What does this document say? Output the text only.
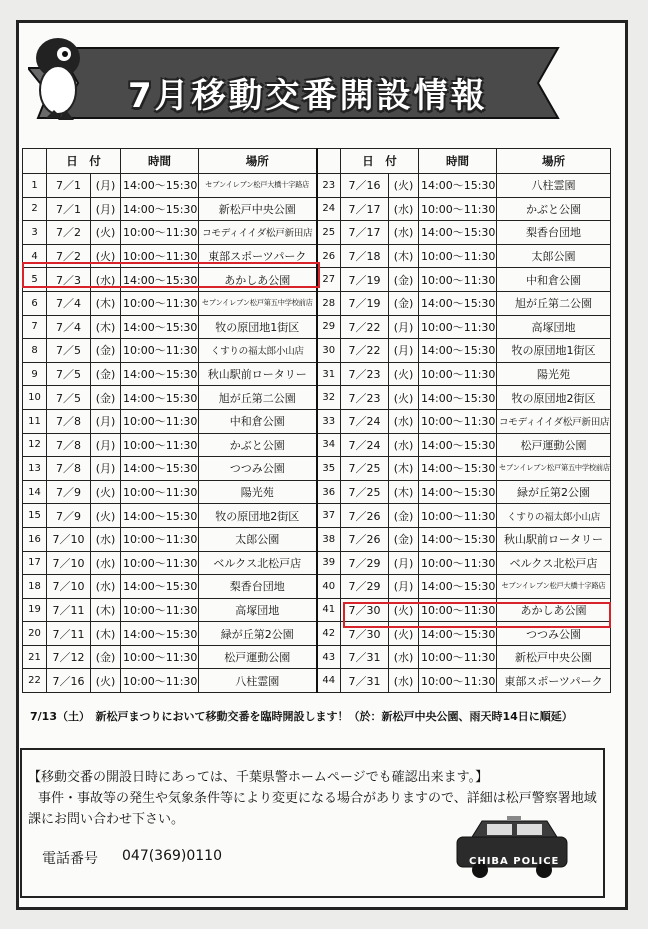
7月移動交番開設情報
	日　付		時間	場所		日　付		時間	場所
1	7／1	(月)	14:00〜15:30	セブンイレブン松戸大橋十字路店	23	7／16	(火)	14:00〜15:30	八柱霊園
2	7／1	(月)	14:00〜15:30	新松戸中央公園	24	7／17	(水)	10:00〜11:30	かぶと公園
3	7／2	(火)	10:00〜11:30	コモディイイダ松戸新田店	25	7／17	(水)	14:00〜15:30	梨香台団地
4	7／2	(火)	10:00〜11:30	東部スポーツパーク	26	7／18	(木)	10:00〜11:30	太郎公園
5	7／3	(水)	14:00〜15:30	あかしあ公園	27	7／19	(金)	10:00〜11:30	中和倉公園
6	7／4	(木)	10:00〜11:30	セブンイレブン松戸第五中学校前店	28	7／19	(金)	14:00〜15:30	旭が丘第二公園
7	7／4	(木)	14:00〜15:30	牧の原団地1街区	29	7／22	(月)	10:00〜11:30	高塚団地
8	7／5	(金)	10:00〜11:30	くすりの福太郎小山店	30	7／22	(月)	14:00〜15:30	牧の原団地1街区
9	7／5	(金)	14:00〜15:30	秋山駅前ロータリー	31	7／23	(火)	10:00〜11:30	陽光苑
10	7／5	(金)	14:00〜15:30	旭が丘第二公園	32	7／23	(火)	14:00〜15:30	牧の原団地2街区
11	7／8	(月)	10:00〜11:30	中和倉公園	33	7／24	(水)	10:00〜11:30	コモディイイダ松戸新田店
12	7／8	(月)	10:00〜11:30	かぶと公園	34	7／24	(水)	14:00〜15:30	松戸運動公園
13	7／8	(月)	14:00〜15:30	つつみ公園	35	7／25	(木)	14:00〜15:30	セブンイレブン松戸第五中学校前店
14	7／9	(火)	10:00〜11:30	陽光苑	36	7／25	(木)	14:00〜15:30	緑が丘第2公園
15	7／9	(火)	14:00〜15:30	牧の原団地2街区	37	7／26	(金)	10:00〜11:30	くすりの福太郎小山店
16	7／10	(水)	10:00〜11:30	太郎公園	38	7／26	(金)	14:00〜15:30	秋山駅前ロータリー
17	7／10	(水)	10:00〜11:30	ベルクス北松戸店	39	7／29	(月)	10:00〜11:30	ベルクス北松戸店
18	7／10	(水)	14:00〜15:30	梨香台団地	40	7／29	(月)	14:00〜15:30	セブンイレブン松戸大橋十字路店
19	7／11	(木)	10:00〜11:30	高塚団地	41	7／30	(火)	10:00〜11:30	あかしあ公園
20	7／11	(木)	14:00〜15:30	緑が丘第2公園	42	7／30	(火)	14:00〜15:30	つつみ公園
21	7／12	(金)	10:00〜11:30	松戸運動公園	43	7／31	(水)	10:00〜11:30	新松戸中央公園
22	7／16	(火)	10:00〜11:30	八柱霊園	44	7／31	(水)	10:00〜11:30	東部スポーツパーク
7/13（土）　新松戸まつりにおいて移動交番を臨時開設します！（於：新松戸中央公園、雨天時14日に順延）
【移動交番の開設日時にあっては、千葉県警ホームページでも確認出来ます。】
事件・事故等の発生や気象条件等により変更になる場合がありますので、詳細は松戸警察署地域課にお問い合わせ下さい。
電話番号 047(369)0110	CHIBA POLICE
